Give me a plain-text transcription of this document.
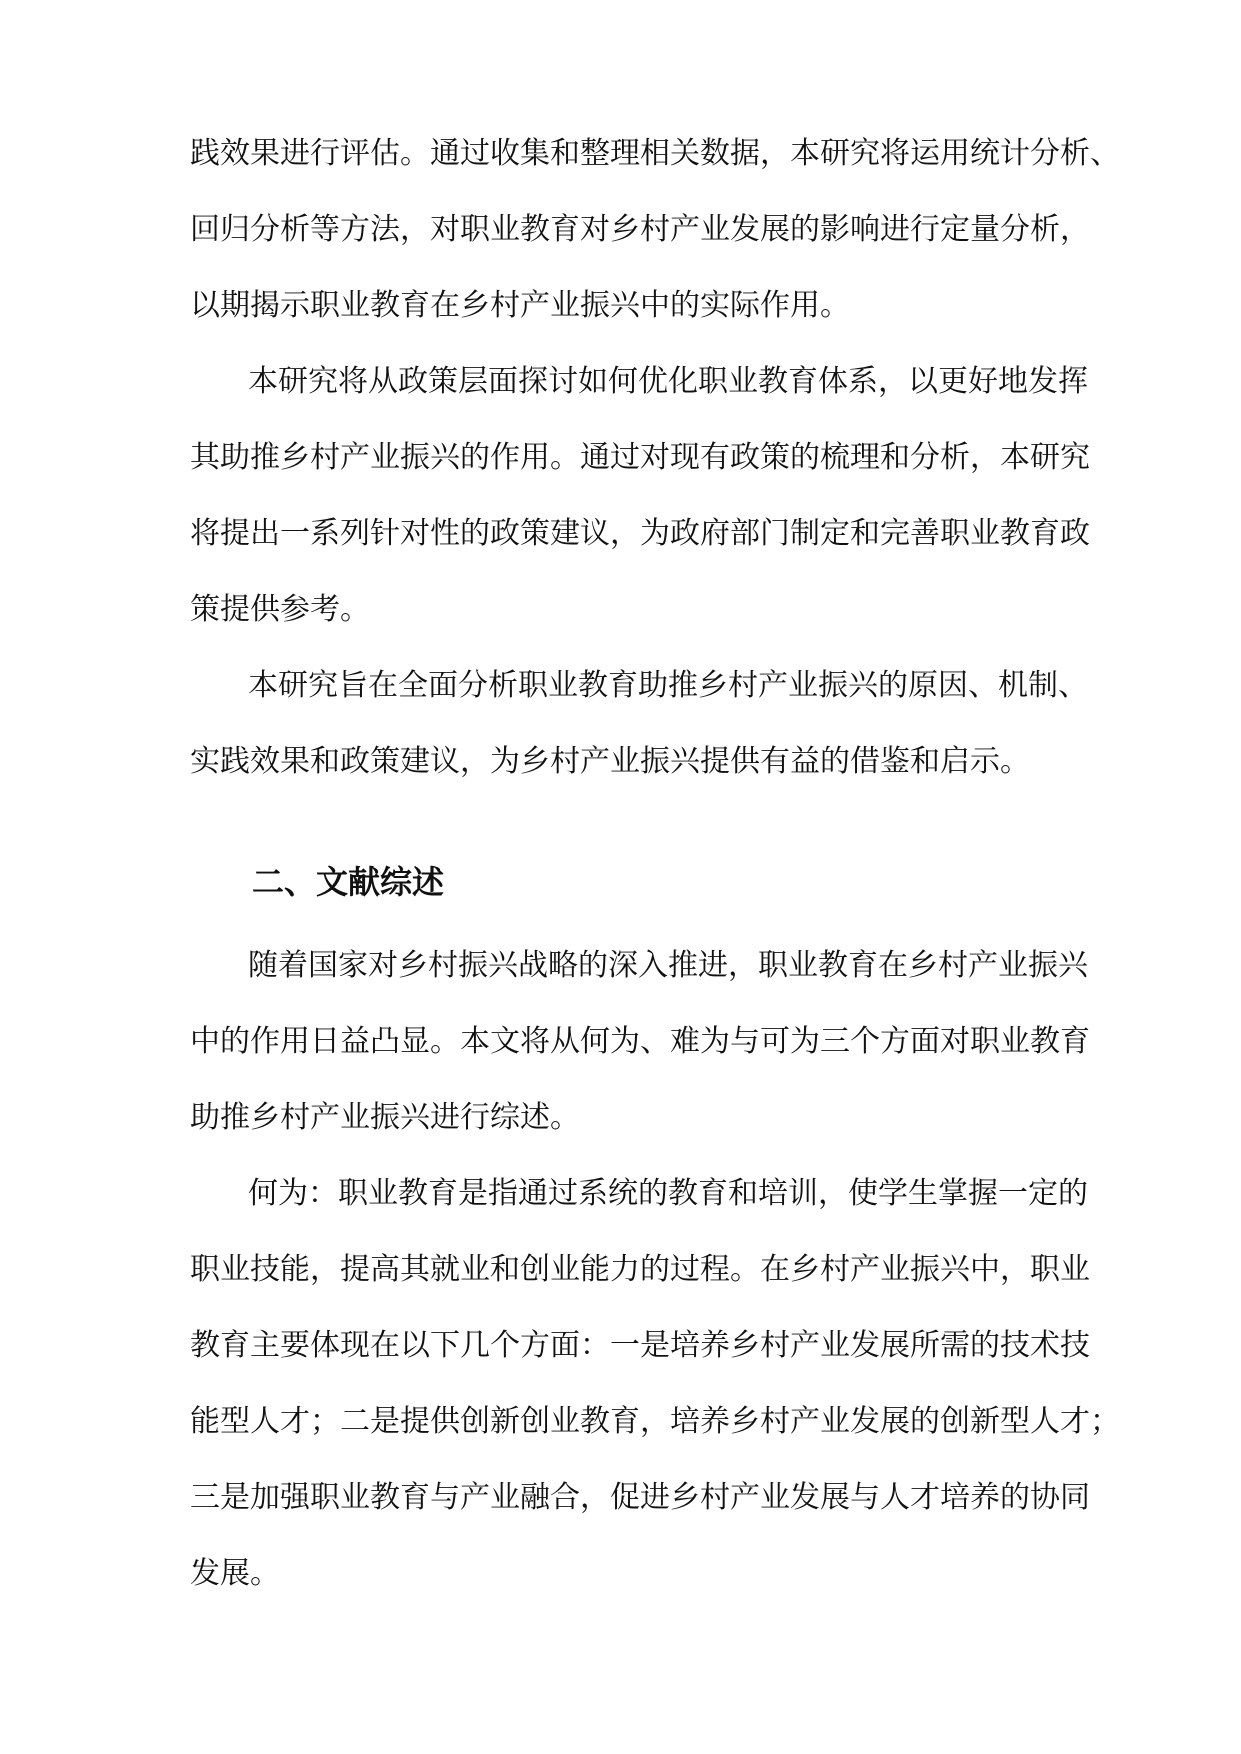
践效果进行评估。通过收集和整理相关数据，本研究将运用统计分析、
回归分析等方法，对职业教育对乡村产业发展的影响进行定量分析，
以期揭示职业教育在乡村产业振兴中的实际作用。
本研究将从政策层面探讨如何优化职业教育体系，以更好地发挥
其助推乡村产业振兴的作用。通过对现有政策的梳理和分析，本研究
将提出一系列针对性的政策建议，为政府部门制定和完善职业教育政
策提供参考。
本研究旨在全面分析职业教育助推乡村产业振兴的原因、机制、
实践效果和政策建议，为乡村产业振兴提供有益的借鉴和启示。
二、文献综述
随着国家对乡村振兴战略的深入推进，职业教育在乡村产业振兴
中的作用日益凸显。本文将从何为、难为与可为三个方面对职业教育
助推乡村产业振兴进行综述。
何为：职业教育是指通过系统的教育和培训，使学生掌握一定的
职业技能，提高其就业和创业能力的过程。在乡村产业振兴中，职业
教育主要体现在以下几个方面：一是培养乡村产业发展所需的技术技
能型人才；二是提供创新创业教育，培养乡村产业发展的创新型人才；
三是加强职业教育与产业融合，促进乡村产业发展与人才培养的协同
发展。
